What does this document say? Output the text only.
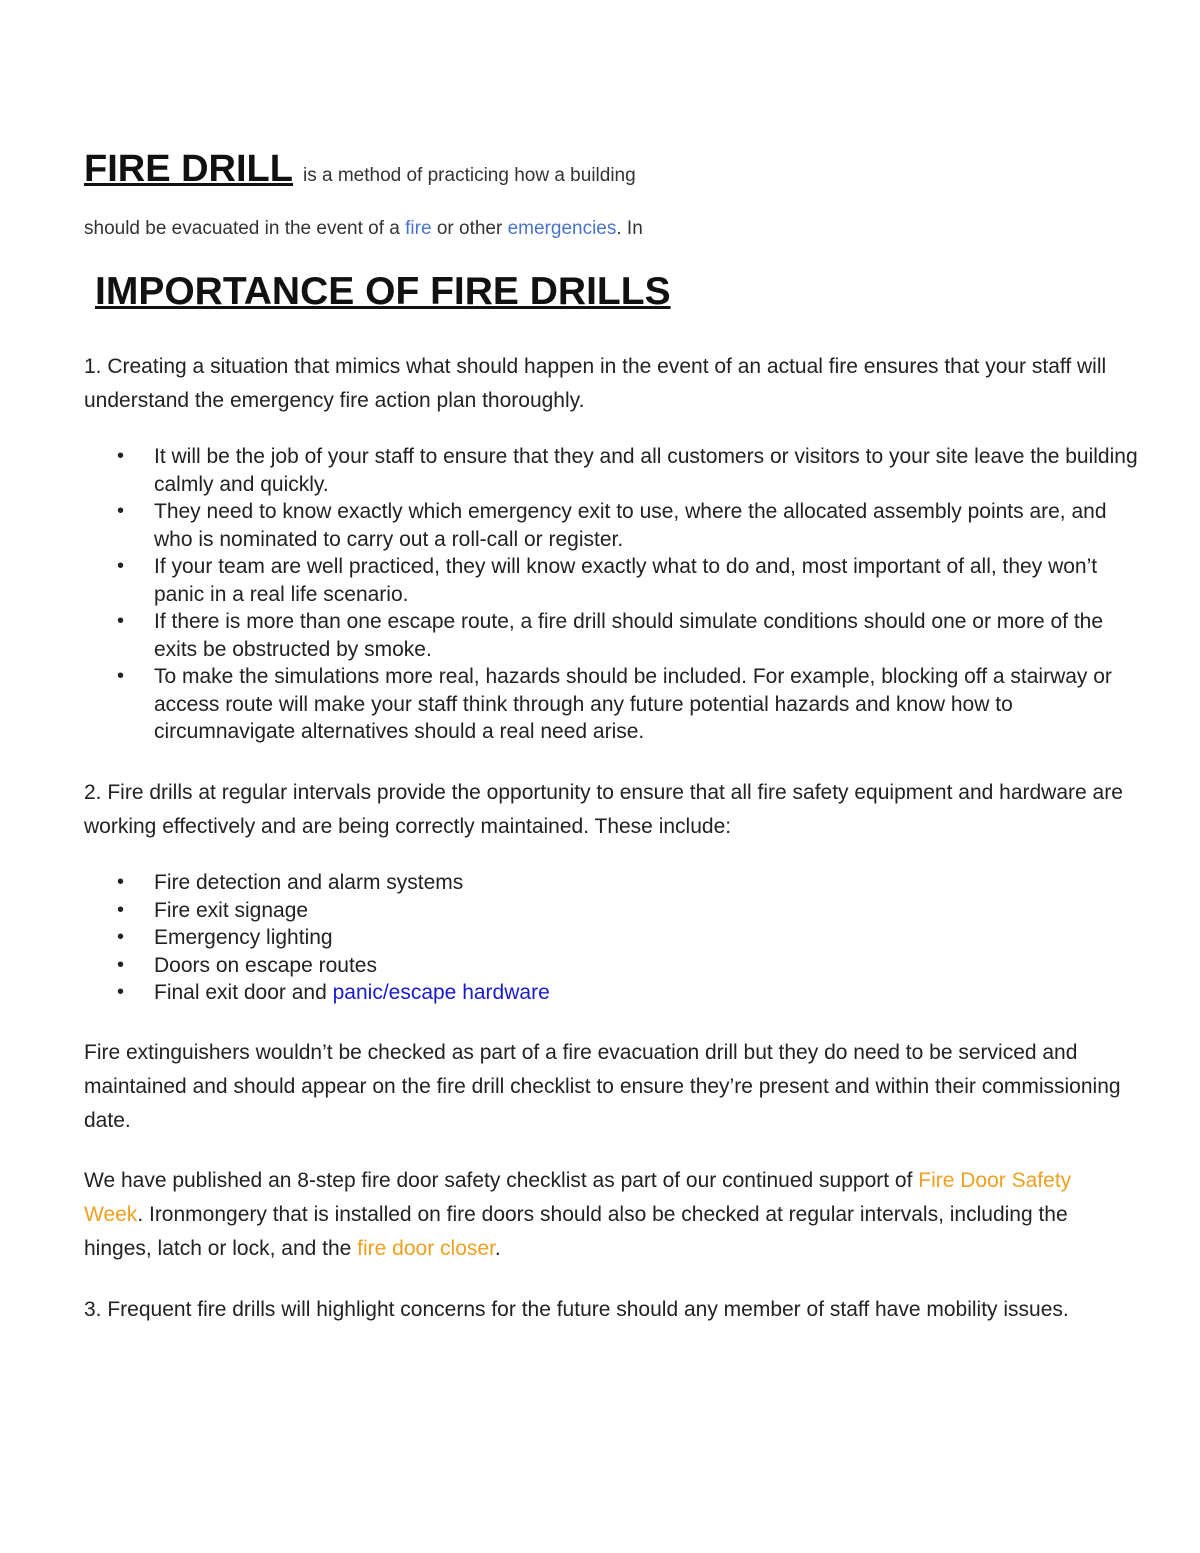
FIRE DRILL is a method of practicing how a building
should be evacuated in the event of a fire or other emergencies. In
IMPORTANCE OF FIRE DRILLS

1. Creating a situation that mimics what should happen in the event of an actual fire ensures that your staff will understand the emergency fire action plan thoroughly.

• It will be the job of your staff to ensure that they and all customers or visitors to your site leave the building calmly and quickly.
• They need to know exactly which emergency exit to use, where the allocated assembly points are, and who is nominated to carry out a roll-call or register.
• If your team are well practiced, they will know exactly what to do and, most important of all, they won’t panic in a real life scenario.
• If there is more than one escape route, a fire drill should simulate conditions should one or more of the exits be obstructed by smoke.
• To make the simulations more real, hazards should be included. For example, blocking off a stairway or access route will make your staff think through any future potential hazards and know how to circumnavigate alternatives should a real need arise.

2. Fire drills at regular intervals provide the opportunity to ensure that all fire safety equipment and hardware are working effectively and are being correctly maintained. These include:

• Fire detection and alarm systems
• Fire exit signage
• Emergency lighting
• Doors on escape routes
• Final exit door and panic/escape hardware

Fire extinguishers wouldn’t be checked as part of a fire evacuation drill but they do need to be serviced and maintained and should appear on the fire drill checklist to ensure they’re present and within their commissioning date.

We have published an 8-step fire door safety checklist as part of our continued support of Fire Door Safety Week. Ironmongery that is installed on fire doors should also be checked at regular intervals, including the hinges, latch or lock, and the fire door closer.

3. Frequent fire drills will highlight concerns for the future should any member of staff have mobility issues.
